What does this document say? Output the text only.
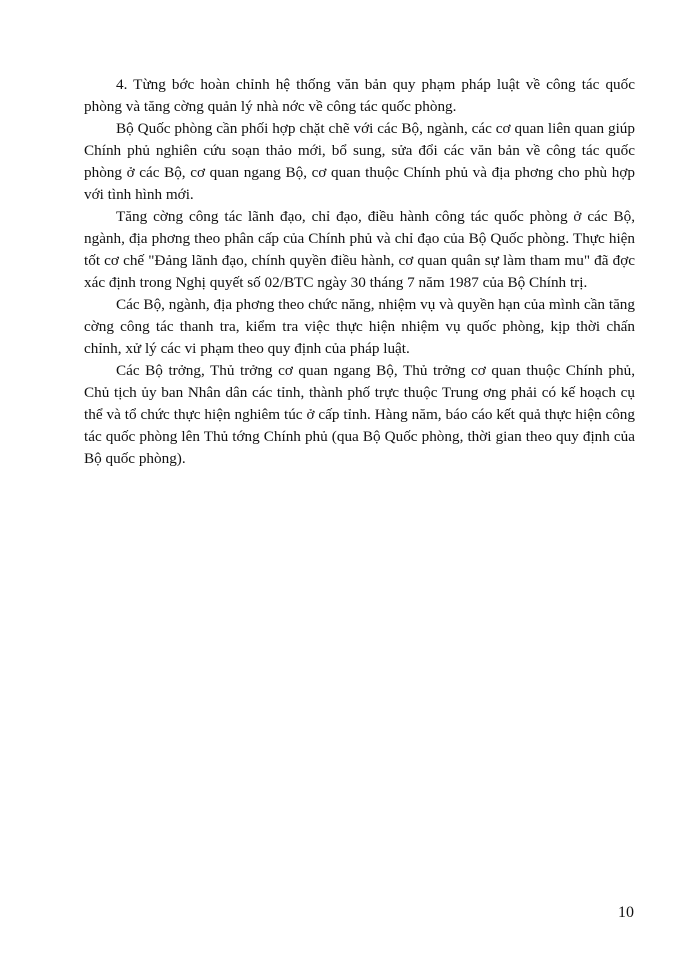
4. Từng bớc hoàn chỉnh hệ thống văn bản quy phạm pháp luật về công tác quốc phòng và tăng cờng quản lý nhà nớc về công tác quốc phòng.

Bộ Quốc phòng cần phối hợp chặt chẽ với các Bộ, ngành, các cơ quan liên quan giúp Chính phủ nghiên cứu soạn thảo mới, bổ sung, sửa đổi các văn bản về công tác quốc phòng ở các Bộ, cơ quan ngang Bộ, cơ quan thuộc Chính phủ và địa phơng cho phù hợp với tình hình mới.

Tăng cờng công tác lãnh đạo, chỉ đạo, điều hành công tác quốc phòng ở các Bộ, ngành, địa phơng theo phân cấp của Chính phủ và chỉ đạo của Bộ Quốc phòng. Thực hiện tốt cơ chế "Đảng lãnh đạo, chính quyền điều hành, cơ quan quân sự làm tham mu" đã đợc xác định trong Nghị quyết số 02/BTC ngày 30 tháng 7 năm 1987 của Bộ Chính trị.

Các Bộ, ngành, địa phơng theo chức năng, nhiệm vụ và quyền hạn của mình cần tăng cờng công tác thanh tra, kiểm tra việc thực hiện nhiệm vụ quốc phòng, kịp thời chấn chỉnh, xử lý các vi phạm theo quy định của pháp luật.

Các Bộ trởng, Thủ trởng cơ quan ngang Bộ, Thủ trởng cơ quan thuộc Chính phủ, Chủ tịch ủy ban Nhân dân các tỉnh, thành phố trực thuộc Trung ơng phải có kế hoạch cụ thể và tổ chức thực hiện nghiêm túc ở cấp tỉnh. Hàng năm, báo cáo kết quả thực hiện công tác quốc phòng lên Thủ tớng Chính phủ (qua Bộ Quốc phòng, thời gian theo quy định của Bộ quốc phòng).

10
